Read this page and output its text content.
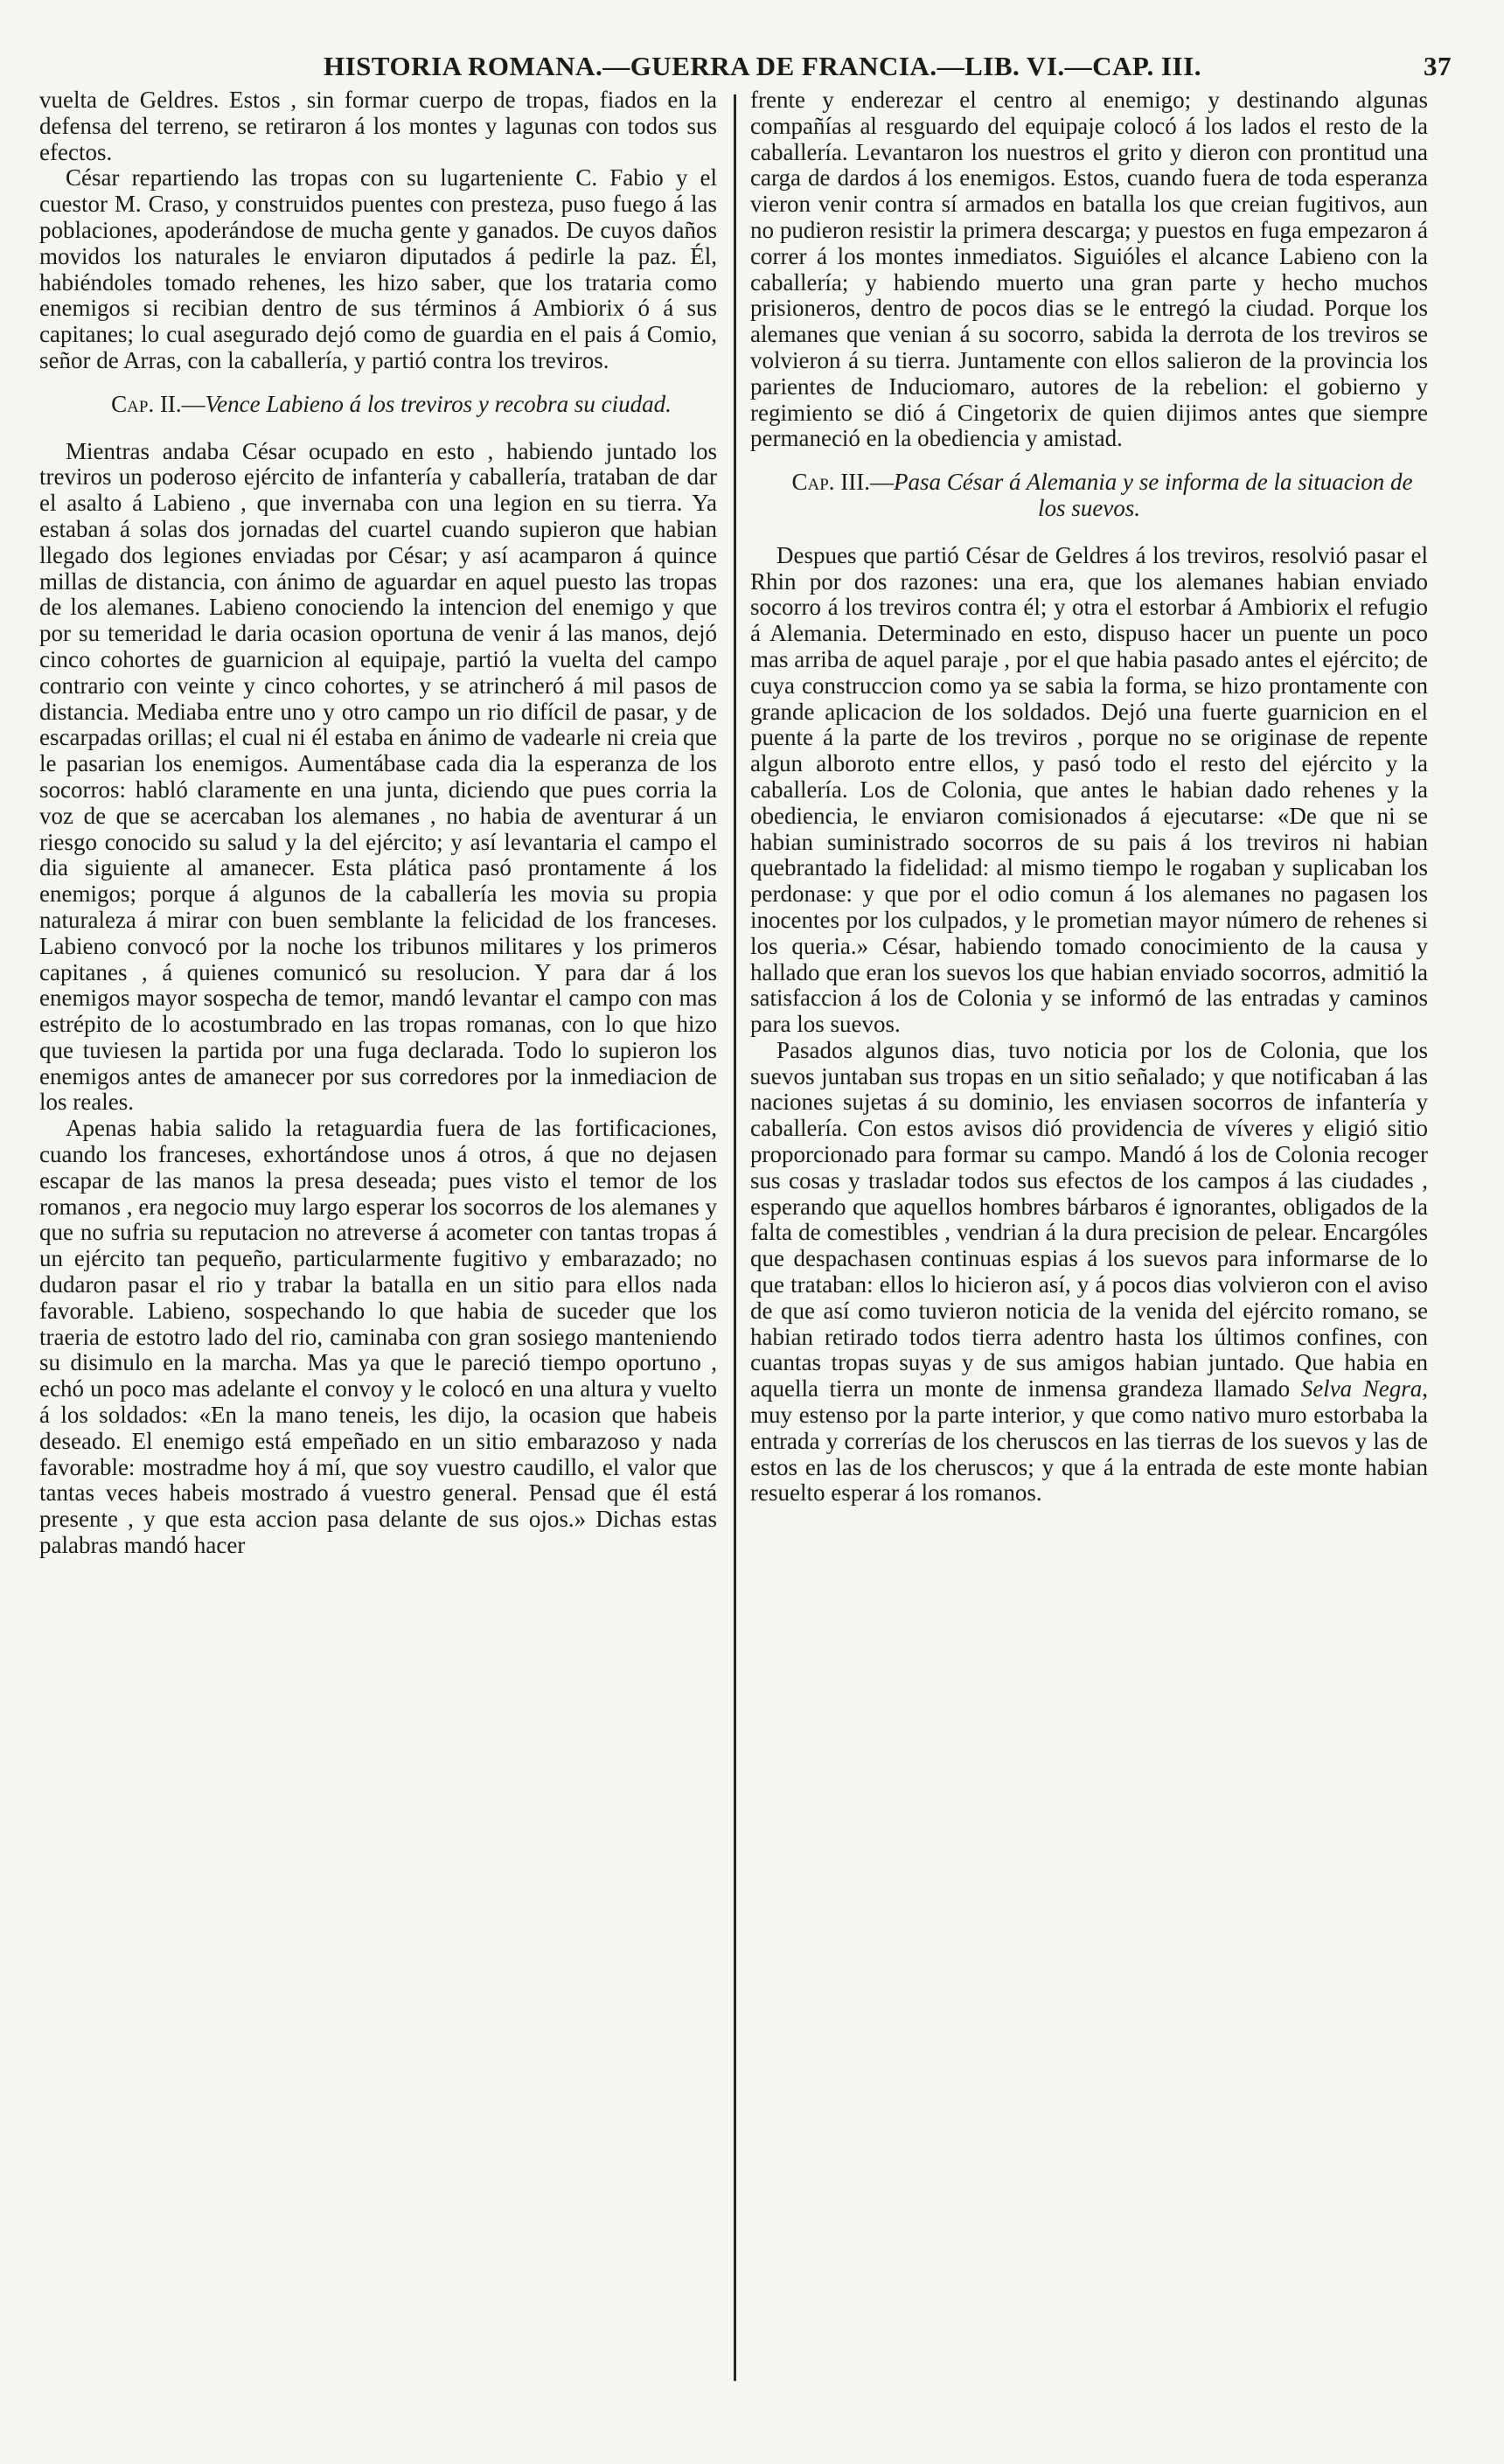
HISTORIA ROMANA.—GUERRA DE FRANCIA.—LIB. VI.—CAP. III.	37

vuelta de Geldres. Estos , sin formar cuerpo de tropas, fiados en la defensa del terreno, se retiraron á los montes y lagunas con todos sus efectos.

César repartiendo las tropas con su lugarteniente C. Fabio y el cuestor M. Craso, y construidos puentes con presteza, puso fuego á las poblaciones, apoderándose de mucha gente y ganados. De cuyos daños movidos los naturales le enviaron diputados á pedirle la paz. Él, habiéndoles tomado rehenes, les hizo saber, que los trataria como enemigos si recibian dentro de sus términos á Ambiorix ó á sus capitanes; lo cual asegurado dejó como de guardia en el pais á Comio, señor de Arras, con la caballería, y partió contra los treviros.

Cap. II.—Vence Labieno á los treviros y recobra su ciudad.

Mientras andaba César ocupado en esto , habiendo juntado los treviros un poderoso ejército de infantería y caballería, trataban de dar el asalto á Labieno , que invernaba con una legion en su tierra. Ya estaban á solas dos jornadas del cuartel cuando supieron que habian llegado dos legiones enviadas por César; y así acamparon á quince millas de distancia, con ánimo de aguardar en aquel puesto las tropas de los alemanes. Labieno conociendo la intencion del enemigo y que por su temeridad le daria ocasion oportuna de venir á las manos, dejó cinco cohortes de guarnicion al equipaje, partió la vuelta del campo contrario con veinte y cinco cohortes, y se atrincheró á mil pasos de distancia. Mediaba entre uno y otro campo un rio difícil de pasar, y de escarpadas orillas; el cual ni él estaba en ánimo de vadearle ni creia que le pasarian los enemigos. Aumentábase cada dia la esperanza de los socorros: habló claramente en una junta, diciendo que pues corria la voz de que se acercaban los alemanes , no habia de aventurar á un riesgo conocido su salud y la del ejército; y así levantaria el campo el dia siguiente al amanecer. Esta plática pasó prontamente á los enemigos; porque á algunos de la caballería les movia su propia naturaleza á mirar con buen semblante la felicidad de los franceses. Labieno convocó por la noche los tribunos militares y los primeros capitanes , á quienes comunicó su resolucion. Y para dar á los enemigos mayor sospecha de temor, mandó levantar el campo con mas estrépito de lo acostumbrado en las tropas romanas, con lo que hizo que tuviesen la partida por una fuga declarada. Todo lo supieron los enemigos antes de amanecer por sus corredores por la inmediacion de los reales.

Apenas habia salido la retaguardia fuera de las fortificaciones, cuando los franceses, exhortándose unos á otros, á que no dejasen escapar de las manos la presa deseada; pues visto el temor de los romanos , era negocio muy largo esperar los socorros de los alemanes y que no sufria su reputacion no atreverse á acometer con tantas tropas á un ejército tan pequeño, particularmente fugitivo y embarazado; no dudaron pasar el rio y trabar la batalla en un sitio para ellos nada favorable. Labieno, sospechando lo que habia de suceder que los traeria de estotro lado del rio, caminaba con gran sosiego manteniendo su disimulo en la marcha. Mas ya que le pareció tiempo oportuno , echó un poco mas adelante el convoy y le colocó en una altura y vuelto á los soldados: «En la mano teneis, les dijo, la ocasion que habeis deseado. El enemigo está empeñado en un sitio embarazoso y nada favorable: mostradme hoy á mí, que soy vuestro caudillo, el valor que tantas veces habeis mostrado á vuestro general. Pensad que él está presente , y que esta accion pasa delante de sus ojos.» Dichas estas palabras mandó hacer

frente y enderezar el centro al enemigo; y destinando algunas compañías al resguardo del equipaje colocó á los lados el resto de la caballería. Levantaron los nuestros el grito y dieron con prontitud una carga de dardos á los enemigos. Estos, cuando fuera de toda esperanza vieron venir contra sí armados en batalla los que creian fugitivos, aun no pudieron resistir la primera descarga; y puestos en fuga empezaron á correr á los montes inmediatos. Siguióles el alcance Labieno con la caballería; y habiendo muerto una gran parte y hecho muchos prisioneros, dentro de pocos dias se le entregó la ciudad. Porque los alemanes que venian á su socorro, sabida la derrota de los treviros se volvieron á su tierra. Juntamente con ellos salieron de la provincia los parientes de Induciomaro, autores de la rebelion: el gobierno y regimiento se dió á Cingetorix de quien dijimos antes que siempre permaneció en la obediencia y amistad.

Cap. III.—Pasa César á Alemania y se informa de la situacion de los suevos.

Despues que partió César de Geldres á los treviros, resolvió pasar el Rhin por dos razones: una era, que los alemanes habian enviado socorro á los treviros contra él; y otra el estorbar á Ambiorix el refugio á Alemania. Determinado en esto, dispuso hacer un puente un poco mas arriba de aquel paraje , por el que habia pasado antes el ejército; de cuya construccion como ya se sabia la forma, se hizo prontamente con grande aplicacion de los soldados. Dejó una fuerte guarnicion en el puente á la parte de los treviros , porque no se originase de repente algun alboroto entre ellos, y pasó todo el resto del ejército y la caballería. Los de Colonia, que antes le habian dado rehenes y la obediencia, le enviaron comisionados á ejecutarse: «De que ni se habian suministrado socorros de su pais á los treviros ni habian quebrantado la fidelidad: al mismo tiempo le rogaban y suplicaban los perdonase: y que por el odio comun á los alemanes no pagasen los inocentes por los culpados, y le prometian mayor número de rehenes si los queria.» César, habiendo tomado conocimiento de la causa y hallado que eran los suevos los que habian enviado socorros, admitió la satisfaccion á los de Colonia y se informó de las entradas y caminos para los suevos.

Pasados algunos dias, tuvo noticia por los de Colonia, que los suevos juntaban sus tropas en un sitio señalado; y que notificaban á las naciones sujetas á su dominio, les enviasen socorros de infantería y caballería. Con estos avisos dió providencia de víveres y eligió sitio proporcionado para formar su campo. Mandó á los de Colonia recoger sus cosas y trasladar todos sus efectos de los campos á las ciudades , esperando que aquellos hombres bárbaros é ignorantes, obligados de la falta de comestibles , vendrian á la dura precision de pelear. Encargóles que despachasen continuas espias á los suevos para informarse de lo que trataban: ellos lo hicieron así, y á pocos dias volvieron con el aviso de que así como tuvieron noticia de la venida del ejército romano, se habian retirado todos tierra adentro hasta los últimos confines, con cuantas tropas suyas y de sus amigos habian juntado. Que habia en aquella tierra un monte de inmensa grandeza llamado Selva Negra, muy estenso por la parte interior, y que como nativo muro estorbaba la entrada y correrías de los cheruscos en las tierras de los suevos y las de estos en las de los cheruscos; y que á la entrada de este monte habian resuelto esperar á los romanos.
